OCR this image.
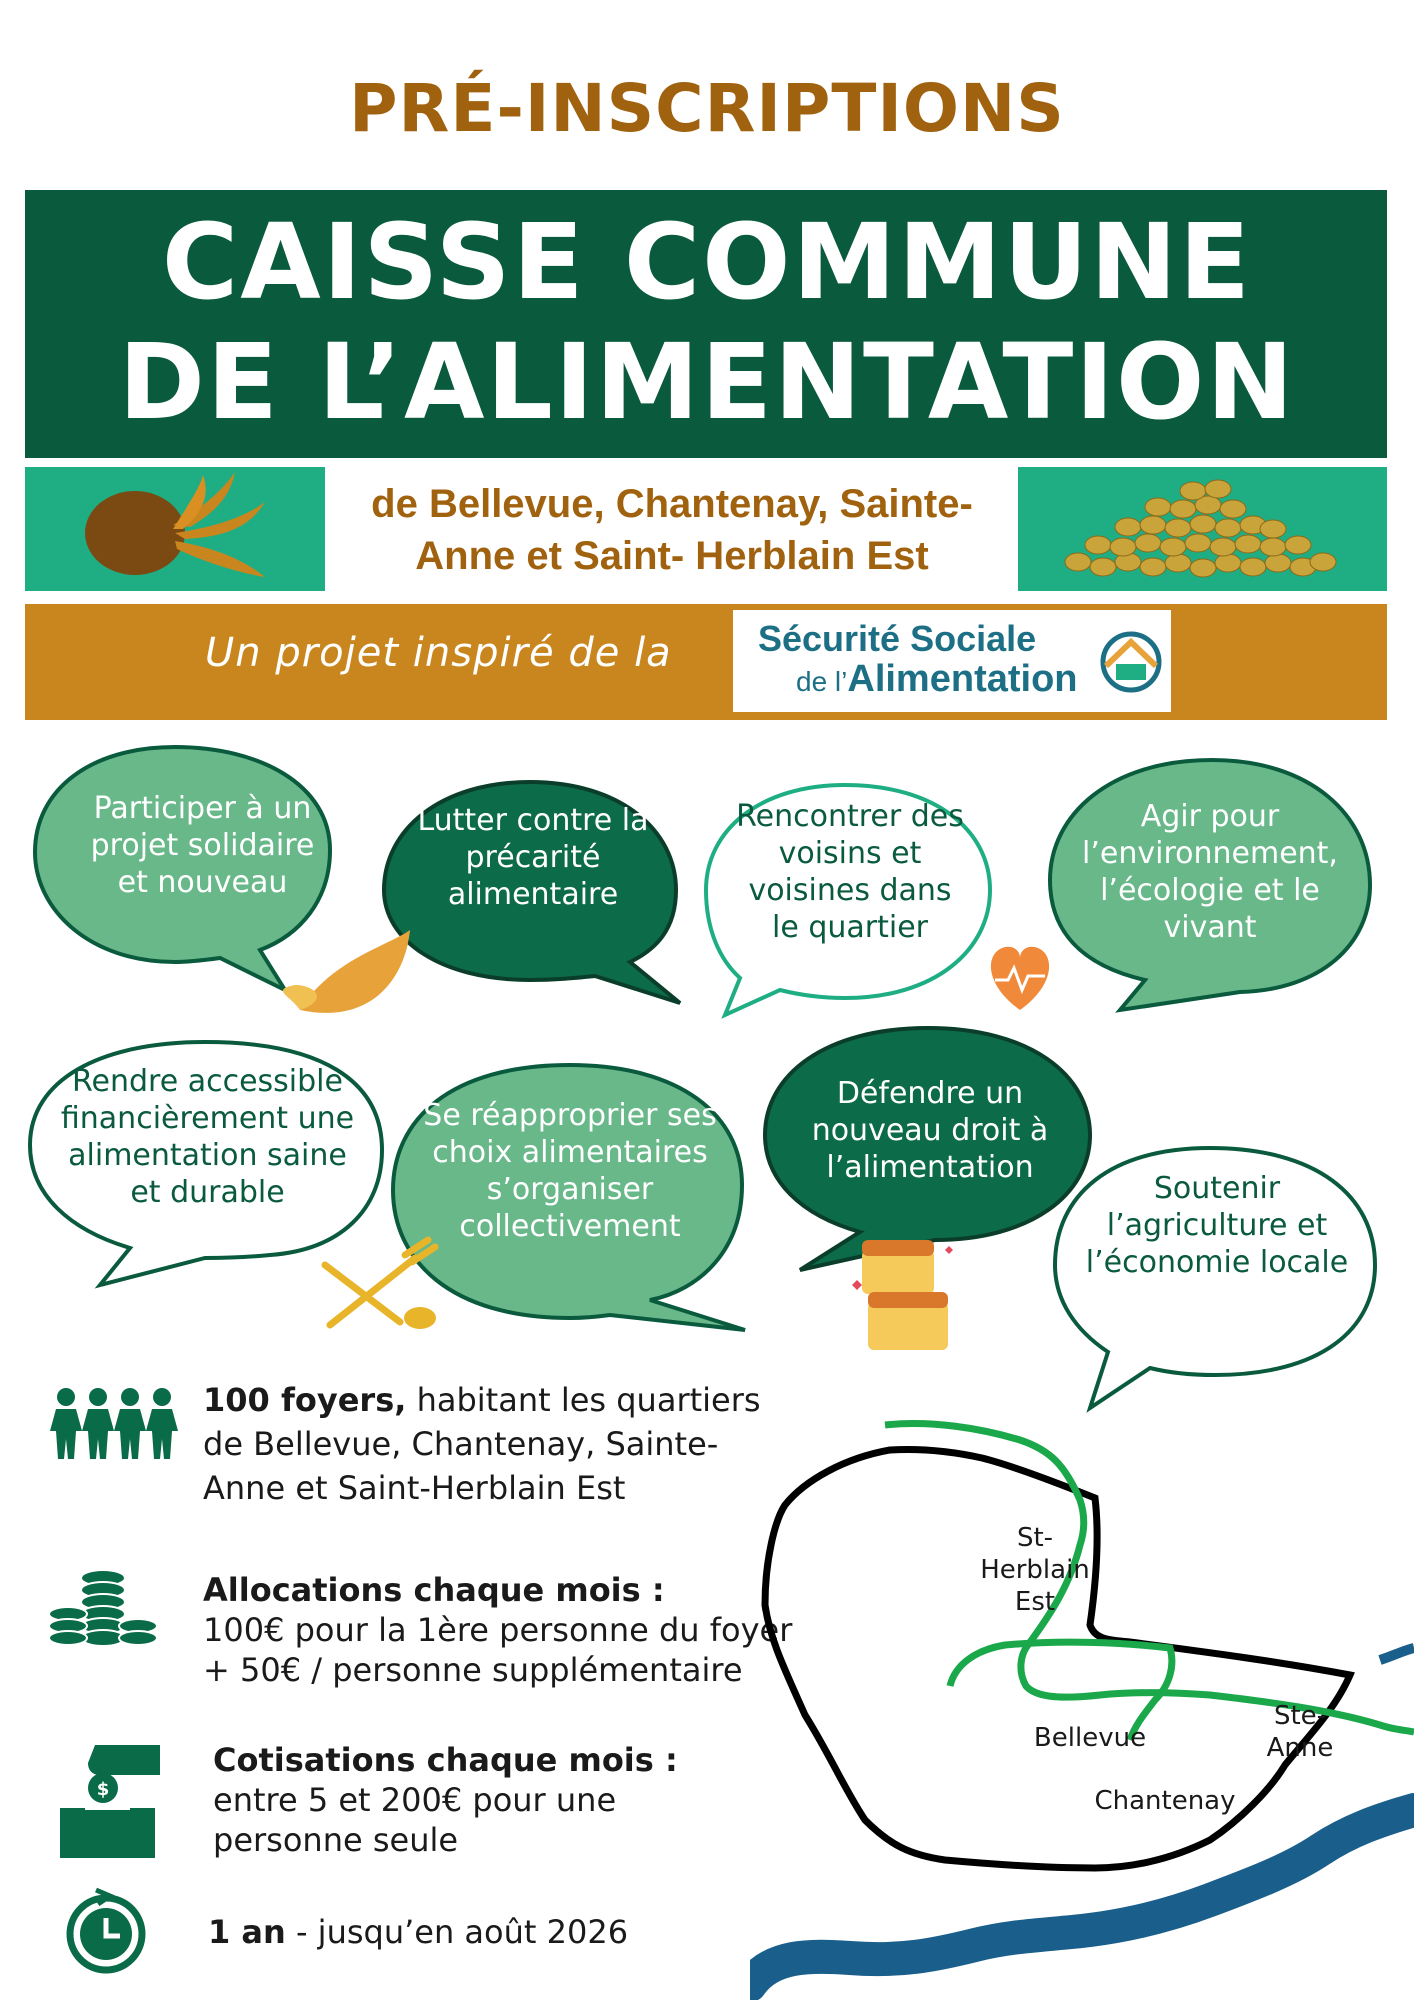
PRÉ-INSCRIPTIONS
CAISSE COMMUNE
DE L’ALIMENTATION
de Bellevue, Chantenay, Sainte-
Anne et Saint- Herblain Est
Un projet inspiré de la Sécurité Sociale
de l’Alimentation
Participer à un
projet solidaire
et nouveau
Lutter contre la
précarité
alimentaire
Rencontrer des
voisins et
voisines dans
le quartier
Agir pour
l’environnement,
l’écologie et le
vivant
Rendre accessible
financièrement une
alimentation saine
et durable
Se réapproprier ses
choix alimentaires
s’organiser
collectivement
Défendre un
nouveau droit à
l’alimentation
Soutenir
l’agriculture et
l’économie locale
$
100 foyers, habitant les quartiers
de Bellevue, Chantenay, Sainte-
Anne et Saint-Herblain Est
Allocations chaque mois :
100€ pour la 1ère personne du foyer
+ 50€ / personne supplémentaire
Cotisations chaque mois :
entre 5 et 200€ pour une
personne seule
1 an - jusqu’en août 2026
St-
Herblain
Est
Bellevue
Ste-
Anne
Chantenay
